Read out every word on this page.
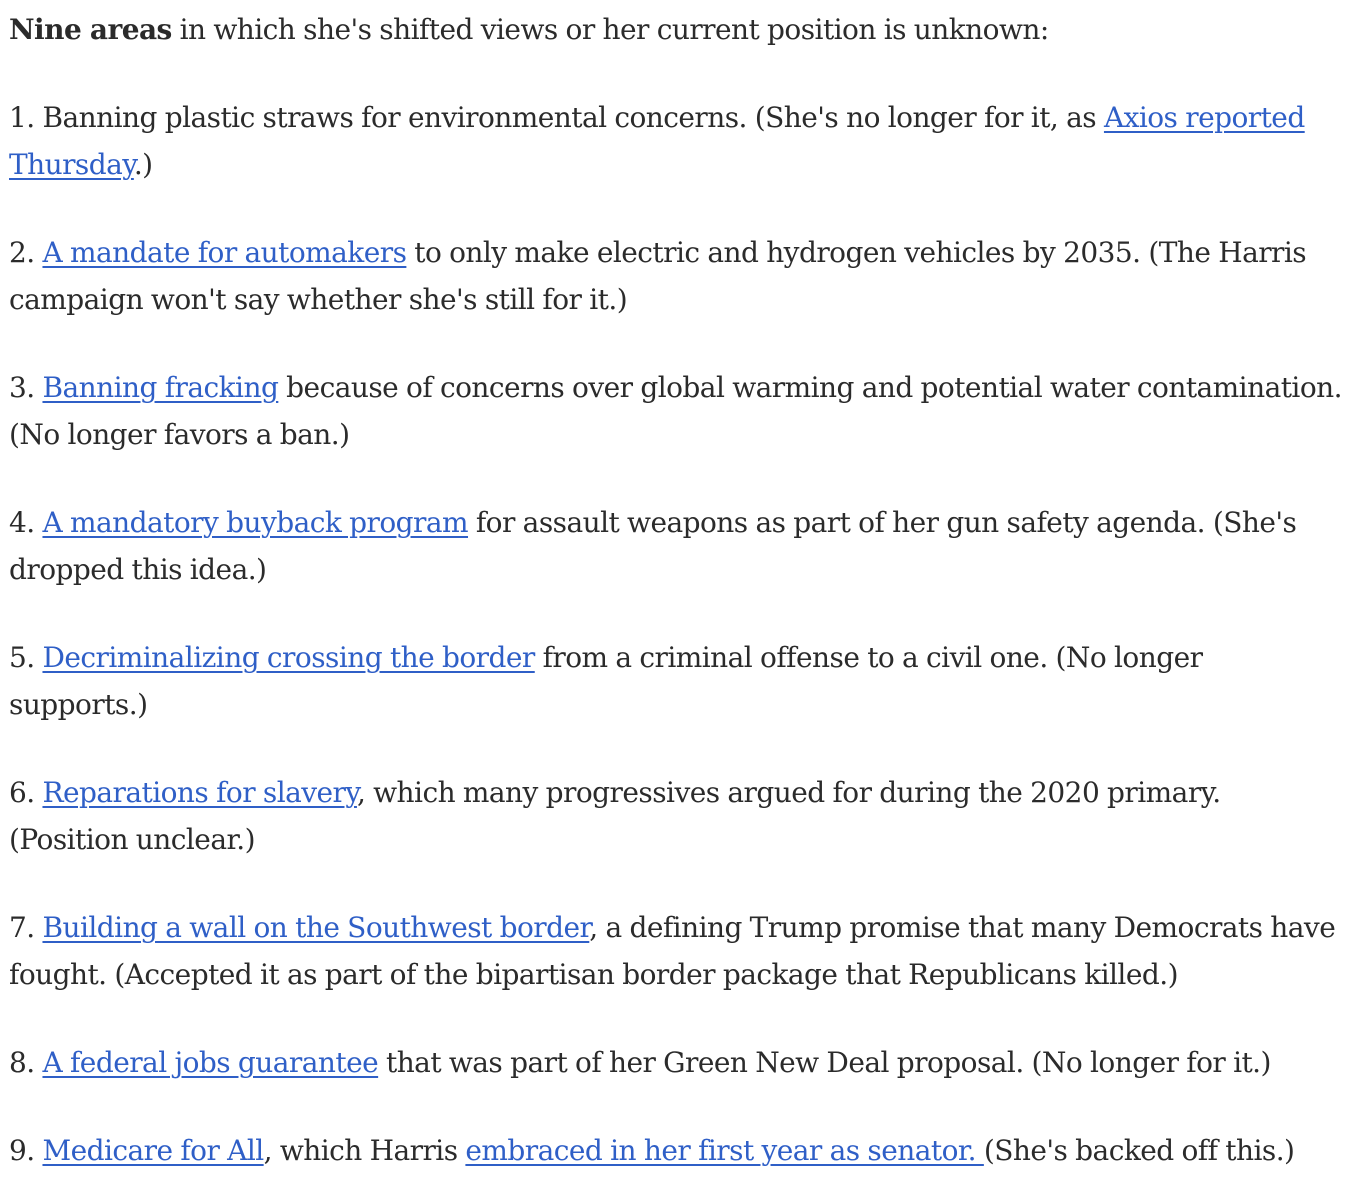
Nine areas in which she's shifted views or her current position is unknown:

1. Banning plastic straws for environmental concerns. (She's no longer for it, as Axios reported Thursday.)

2. A mandate for automakers to only make electric and hydrogen vehicles by 2035. (The Harris campaign won't say whether she's still for it.)

3. Banning fracking because of concerns over global warming and potential water contamination. (No longer favors a ban.)

4. A mandatory buyback program for assault weapons as part of her gun safety agenda. (She's dropped this idea.)

5. Decriminalizing crossing the border from a criminal offense to a civil one. (No longer supports.)

6. Reparations for slavery, which many progressives argued for during the 2020 primary. (Position unclear.)

7. Building a wall on the Southwest border, a defining Trump promise that many Democrats have fought. (Accepted it as part of the bipartisan border package that Republicans killed.)

8. A federal jobs guarantee that was part of her Green New Deal proposal. (No longer for it.)

9. Medicare for All, which Harris embraced in her first year as senator. (She's backed off this.)
